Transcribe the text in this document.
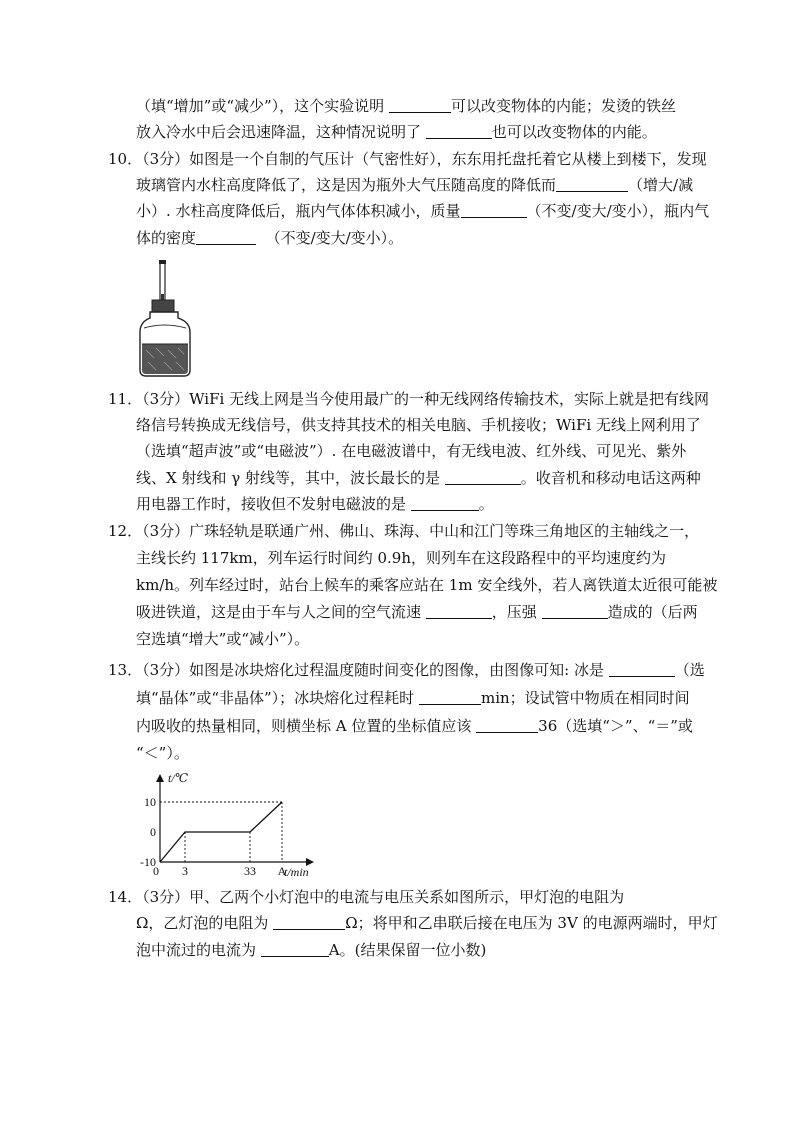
（填“增加”或“减少”），这个实验说明	可以改变物体的内能；发烫的铁丝
放入冷水中后会迅速降温，这种情况说明了	也可以改变物体的内能。
10．（3分）如图是一个自制的气压计（气密性好），东东用托盘托着它从楼上到楼下，发现
玻璃管内水柱高度降低了，这是因为瓶外大气压随高度的降低而	（增大/减
小）. 水柱高度降低后，瓶内气体体积减小，质量	（不变/变大/变小），瓶内气
体的密度	（不变/变大/变小）。
11．（3分）WiFi 无线上网是当今使用最广的一种无线网络传输技术，实际上就是把有线网
络信号转换成无线信号，供支持其技术的相关电脑、手机接收；WiFi 无线上网利用了
（选填“超声波”或“电磁波”）. 在电磁波谱中，有无线电波、红外线、可见光、紫外
线、X 射线和 γ 射线等，其中，波长最长的是	。收音机和移动电话这两种
用电器工作时，接收但不发射电磁波的是	。
12．（3分）广珠轻轨是联通广州、佛山、珠海、中山和江门等珠三角地区的主轴线之一，
主线长约 117km，列车运行时间约 0.9h，则列车在这段路程中的平均速度约为
km/h。列车经过时，站台上候车的乘客应站在 1m 安全线外，若人离铁道太近很可能被
吸进铁道，这是由于车与人之间的空气流速	，压强	造成的（后两
空选填“增大”或“减小”）。
13．（3分）如图是冰块熔化过程温度随时间变化的图像，由图像可知: 冰是	（选
填“晶体”或“非晶体”）；冰块熔化过程耗时	min；设试管中物质在相同时间
内吸收的热量相同，则横坐标 A 位置的坐标值应该	36（选填“＞”、“＝”或
“＜”）。
t/℃
t/min
10
0
-10
0 3	33 A
14．（3分）甲、乙两个小灯泡中的电流与电压关系如图所示，甲灯泡的电阻为
Ω，乙灯泡的电阻为	Ω；将甲和乙串联后接在电压为 3V 的电源两端时，甲灯
泡中流过的电流为	A。(结果保留一位小数)
